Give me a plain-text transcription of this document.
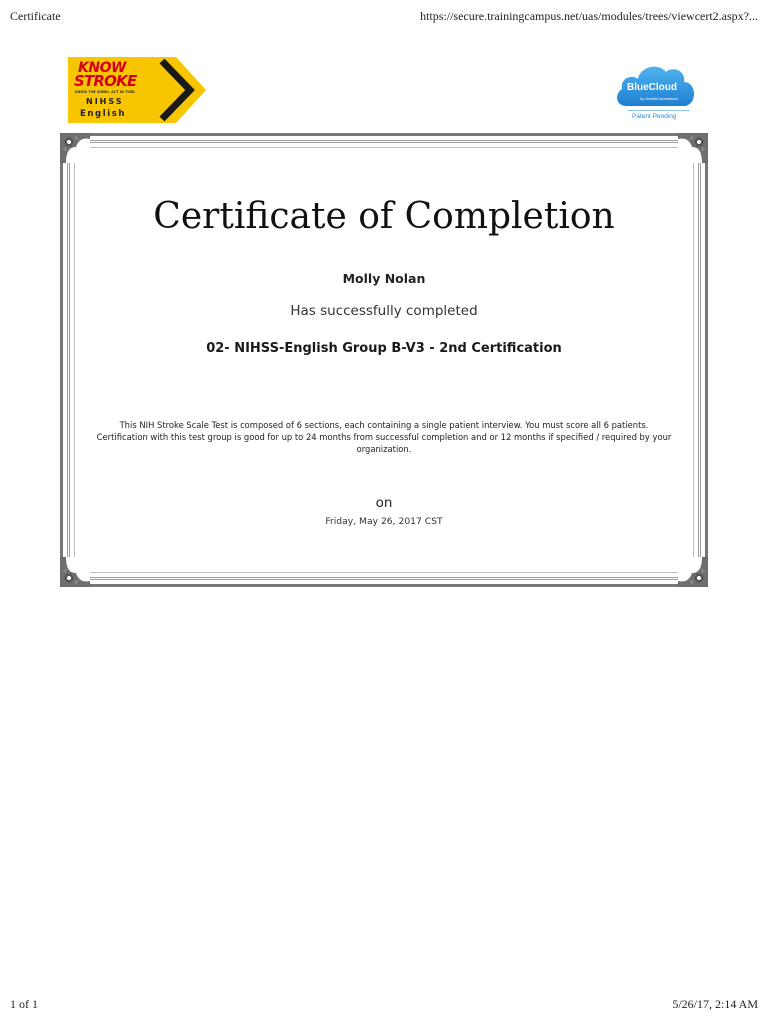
Certificate	https://secure.trainingcampus.net/uas/modules/trees/viewcert2.aspx?...
KNOW
STROKE
KNOW THE SIGNS. ACT IN TIME.
NIHSS
English
BlueCloud
by HealthCarestream
Patent Pending
Certificate of Completion
Molly Nolan
Has successfully completed
02- NIHSS-English Group B-V3 - 2nd Certification
This NIH Stroke Scale Test is composed of 6 sections, each containing a single patient interview. You must score all 6 patients. Certification with this test group is good for up to 24 months from successful completion and or 12 months if specified / required by your organization.
on
Friday, May 26, 2017 CST
1 of 1	5/26/17, 2:14 AM
